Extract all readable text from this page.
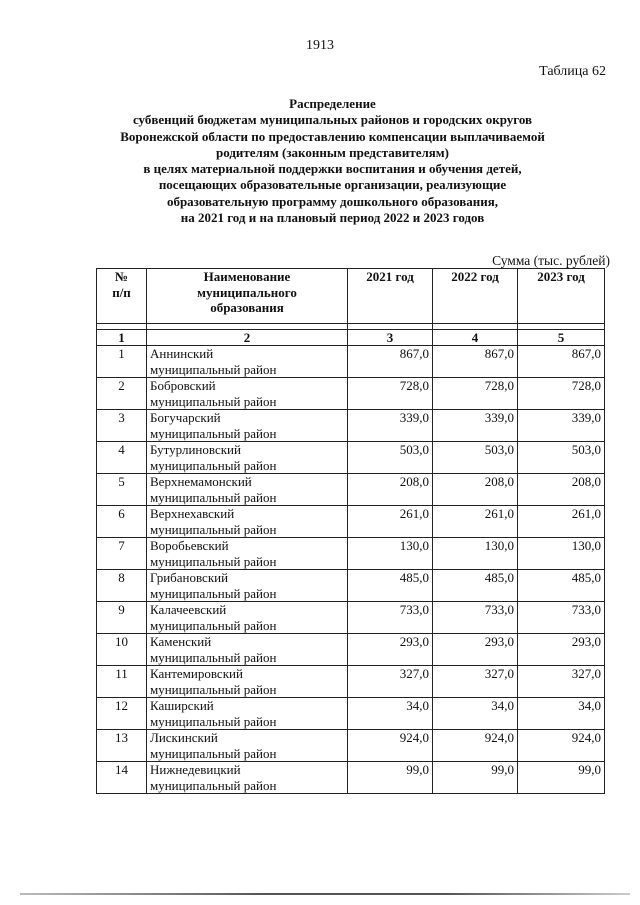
1913
Таблица 62
Распределение
субвенций бюджетам муниципальных районов и городских округов
Воронежской области по предоставлению компенсации выплачиваемой
родителям (законным представителям)
в целях материальной поддержки воспитания и обучения детей,
посещающих образовательные организации, реализующие
образовательную программу дошкольного образования,
на 2021 год и на плановый период 2022 и 2023 годов
Сумма (тыс. рублей)
№
п/п	Наименование
муниципального
образования	2021 год	2022 год	2023 год

1	2	3	4	5
1	Аннинский
муниципальный район	867,0	867,0	867,0
2	Бобровский
муниципальный район	728,0	728,0	728,0
3	Богучарский
муниципальный район	339,0	339,0	339,0
4	Бутурлиновский
муниципальный район	503,0	503,0	503,0
5	Верхнемамонский
муниципальный район	208,0	208,0	208,0
6	Верхнехавский
муниципальный район	261,0	261,0	261,0
7	Воробьевский
муниципальный район	130,0	130,0	130,0
8	Грибановский
муниципальный район	485,0	485,0	485,0
9	Калачеевский
муниципальный район	733,0	733,0	733,0
10	Каменский
муниципальный район	293,0	293,0	293,0
11	Кантемировский
муниципальный район	327,0	327,0	327,0
12	Каширский
муниципальный район	34,0	34,0	34,0
13	Лискинский
муниципальный район	924,0	924,0	924,0
14	Нижнедевицкий
муниципальный район	99,0	99,0	99,0
